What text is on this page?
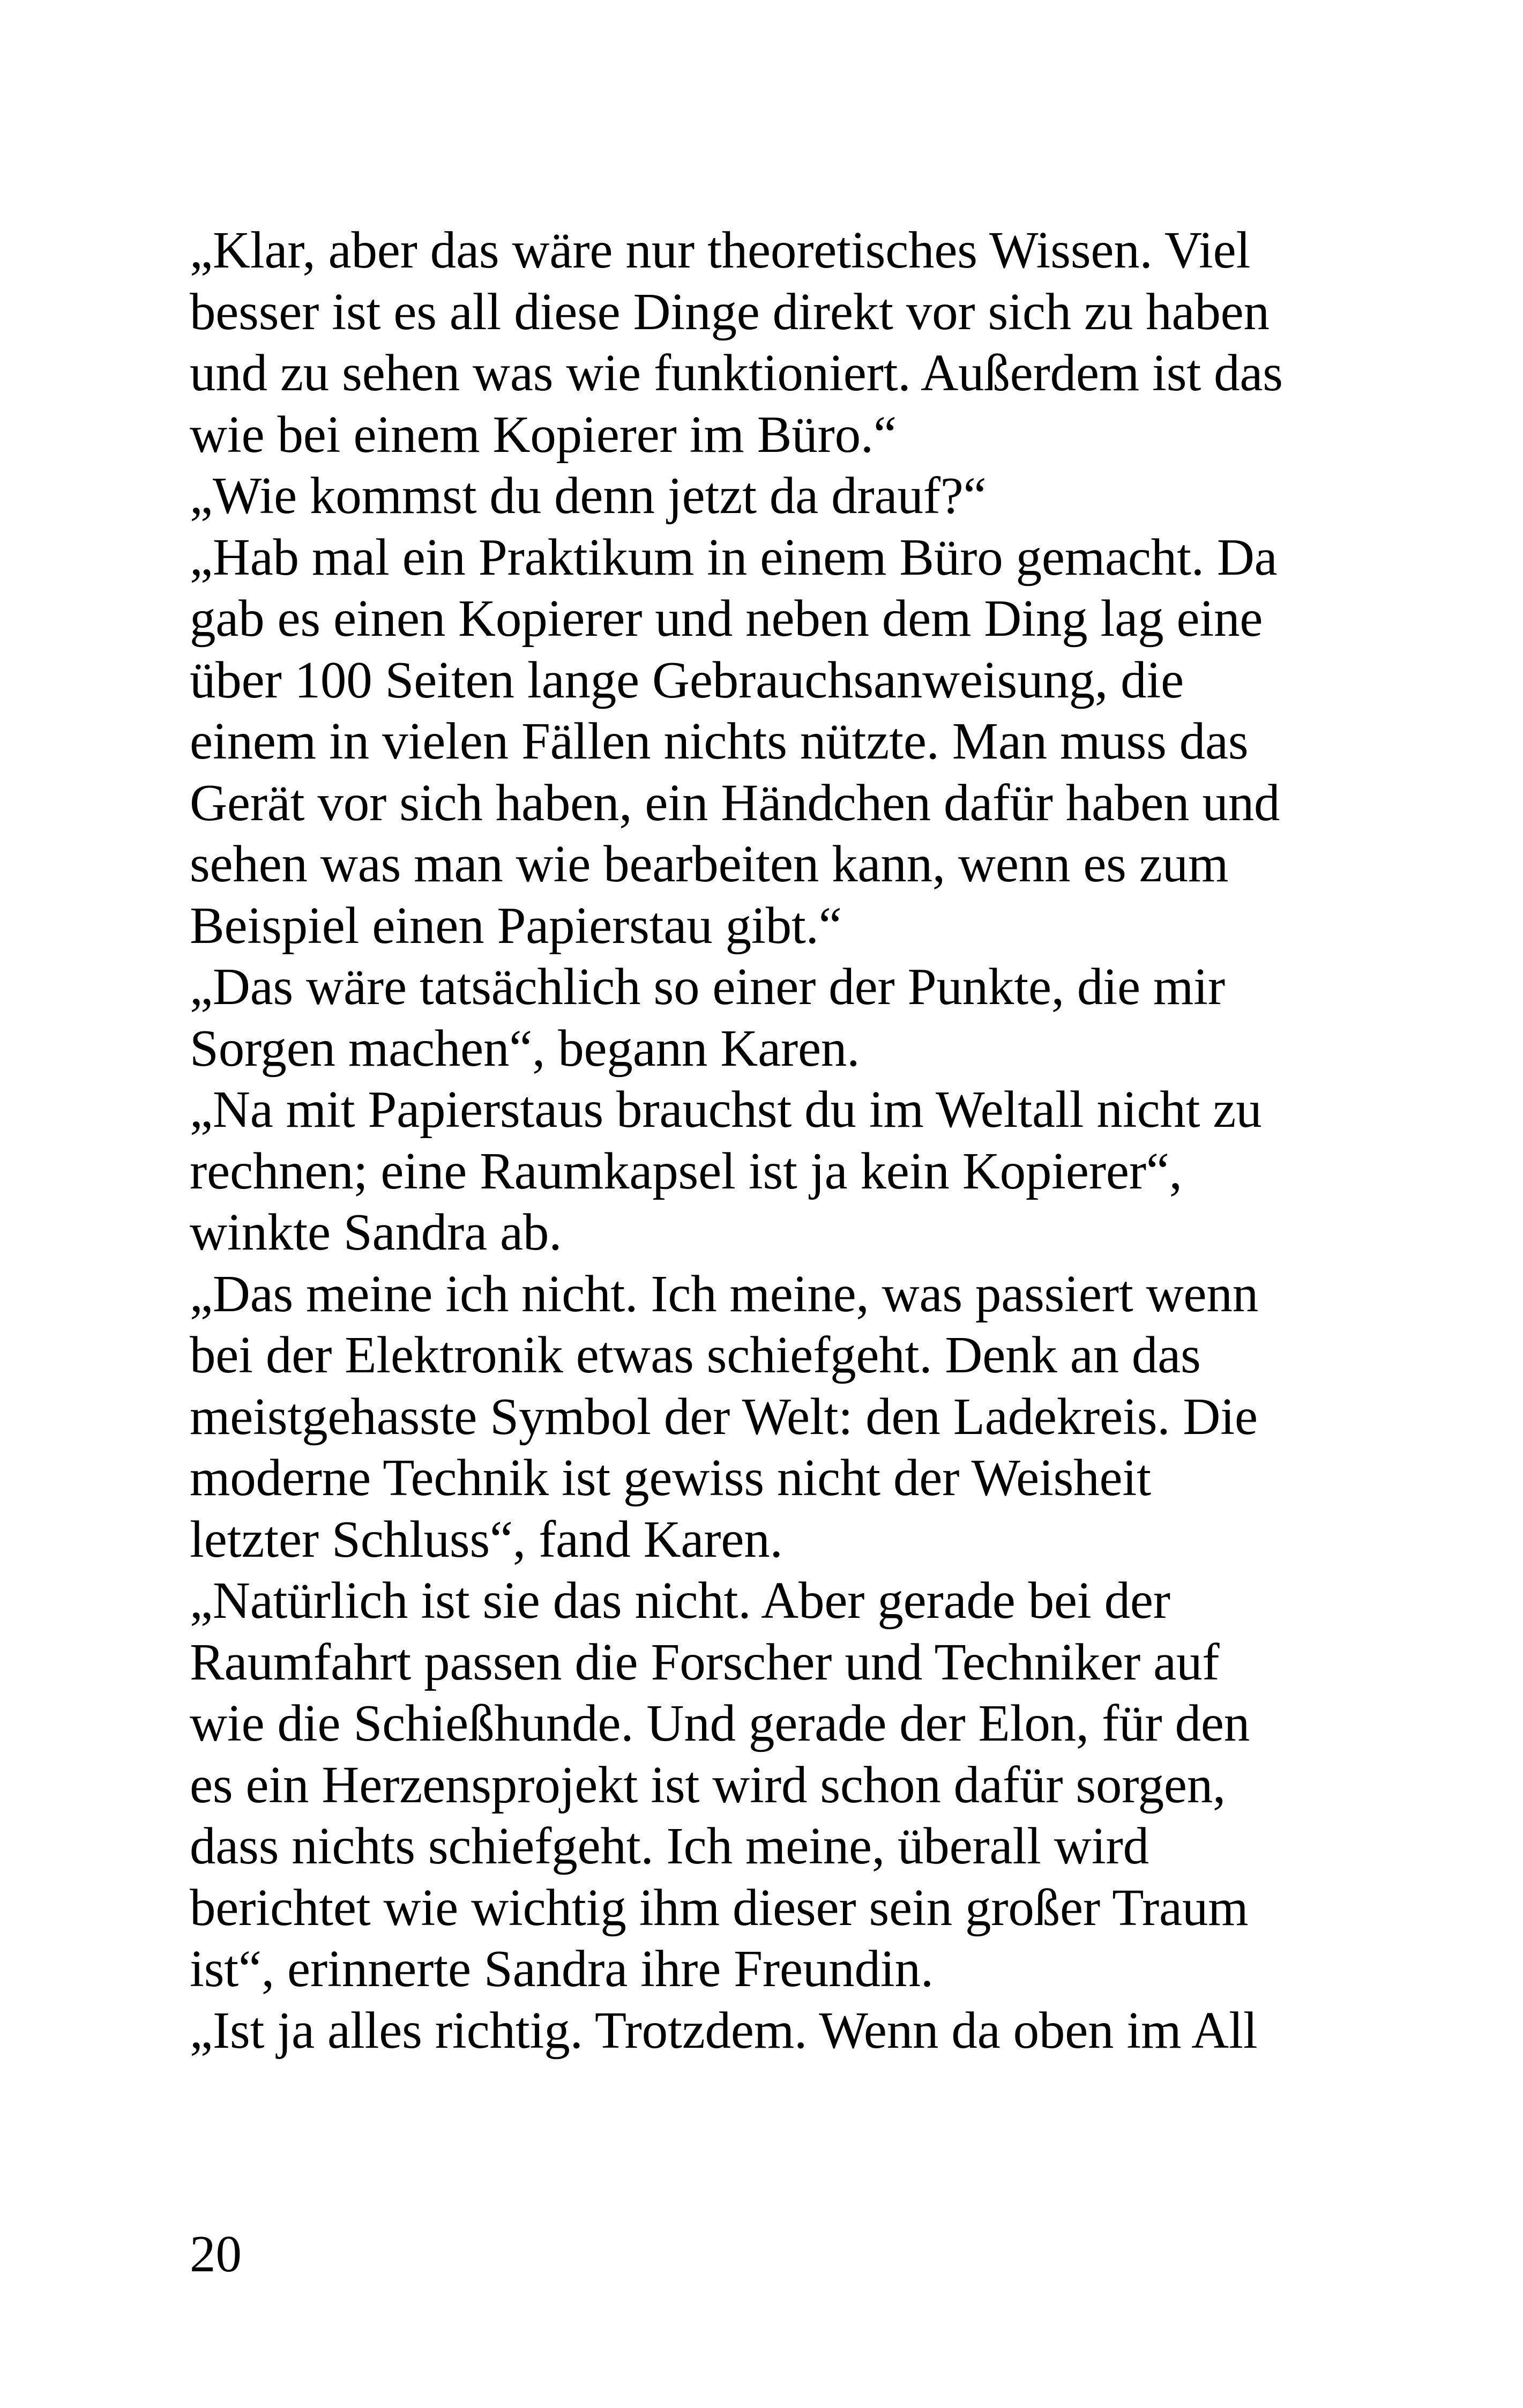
„Klar, aber das wäre nur theoretisches Wissen. Viel
besser ist es all diese Dinge direkt vor sich zu haben
und zu sehen was wie funktioniert. Außerdem ist das
wie bei einem Kopierer im Büro.“
„Wie kommst du denn jetzt da drauf?“
„Hab mal ein Praktikum in einem Büro gemacht. Da
gab es einen Kopierer und neben dem Ding lag eine
über 100 Seiten lange Gebrauchsanweisung, die
einem in vielen Fällen nichts nützte. Man muss das
Gerät vor sich haben, ein Händchen dafür haben und
sehen was man wie bearbeiten kann, wenn es zum
Beispiel einen Papierstau gibt.“
„Das wäre tatsächlich so einer der Punkte, die mir
Sorgen machen“, begann Karen.
„Na mit Papierstaus brauchst du im Weltall nicht zu
rechnen; eine Raumkapsel ist ja kein Kopierer“,
winkte Sandra ab.
„Das meine ich nicht. Ich meine, was passiert wenn
bei der Elektronik etwas schiefgeht. Denk an das
meistgehasste Symbol der Welt: den Ladekreis. Die
moderne Technik ist gewiss nicht der Weisheit
letzter Schluss“, fand Karen.
„Natürlich ist sie das nicht. Aber gerade bei der
Raumfahrt passen die Forscher und Techniker auf
wie die Schießhunde. Und gerade der Elon, für den
es ein Herzensprojekt ist wird schon dafür sorgen,
dass nichts schiefgeht. Ich meine, überall wird
berichtet wie wichtig ihm dieser sein großer Traum
ist“, erinnerte Sandra ihre Freundin.
„Ist ja alles richtig. Trotzdem. Wenn da oben im All
20
